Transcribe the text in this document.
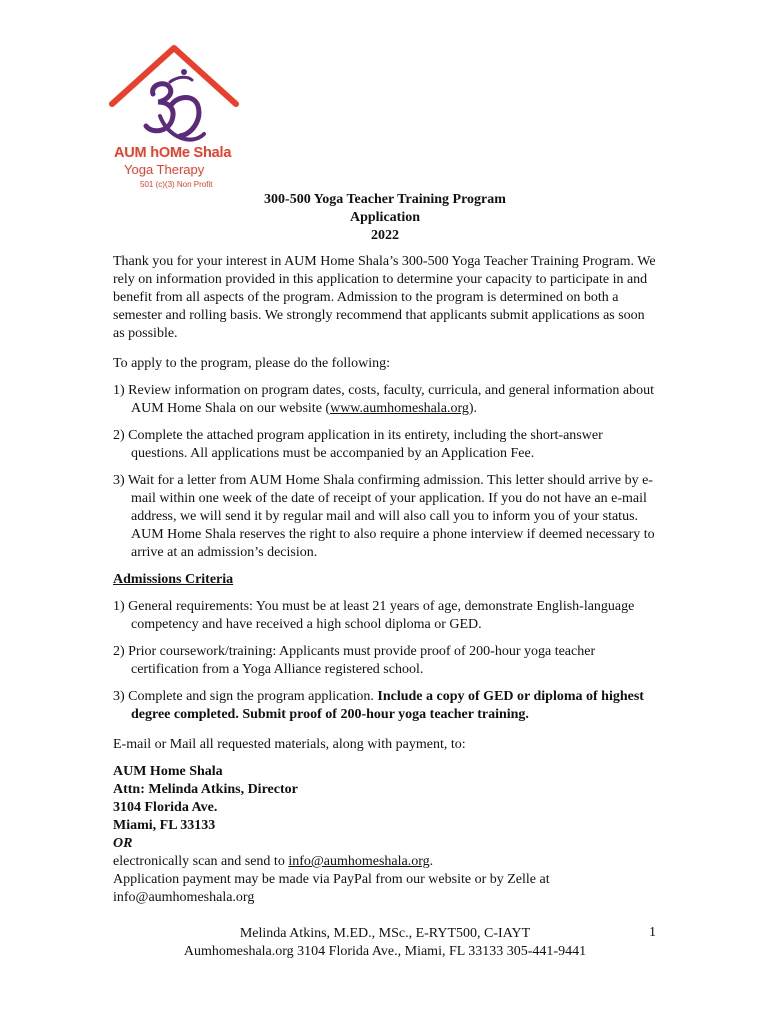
AUM hOMe Shala
Yoga Therapy
501 (c)(3) Non Profit
300-500 Yoga Teacher Training Program
Application
2022

Thank you for your interest in AUM Home Shala’s 300-500 Yoga Teacher Training Program. We rely on information provided in this application to determine your capacity to participate in and benefit from all aspects of the program. Admission to the program is determined on both a semester and rolling basis. We strongly recommend that applicants submit applications as soon as possible.

To apply to the program, please do the following:

1) Review information on program dates, costs, faculty, curricula, and general information about AUM Home Shala on our website (www.aumhomeshala.org).

2) Complete the attached program application in its entirety, including the short-answer questions. All applications must be accompanied by an Application Fee.

3) Wait for a letter from AUM Home Shala confirming admission. This letter should arrive by e-mail within one week of the date of receipt of your application. If you do not have an e-mail address, we will send it by regular mail and will also call you to inform you of your status. AUM Home Shala reserves the right to also require a phone interview if deemed necessary to arrive at an admission’s decision.

Admissions Criteria

1) General requirements: You must be at least 21 years of age, demonstrate English-language competency and have received a high school diploma or GED.

2) Prior coursework/training: Applicants must provide proof of 200-hour yoga teacher certification from a Yoga Alliance registered school.

3) Complete and sign the program application. Include a copy of GED or diploma of highest degree completed. Submit proof of 200-hour yoga teacher training.

E-mail or Mail all requested materials, along with payment, to:

AUM Home Shala

Attn: Melinda Atkins, Director

3104 Florida Ave.

Miami, FL 33133

OR

electronically scan and send to info@aumhomeshala.org.

Application payment may be made via PayPal from our website or by Zelle at info@aumhomeshala.org

Melinda Atkins, M.ED., MSc., E-RYT500, C-IAYT
Aumhomeshala.org 3104 Florida Ave., Miami, FL 33133 305-441-9441
1
